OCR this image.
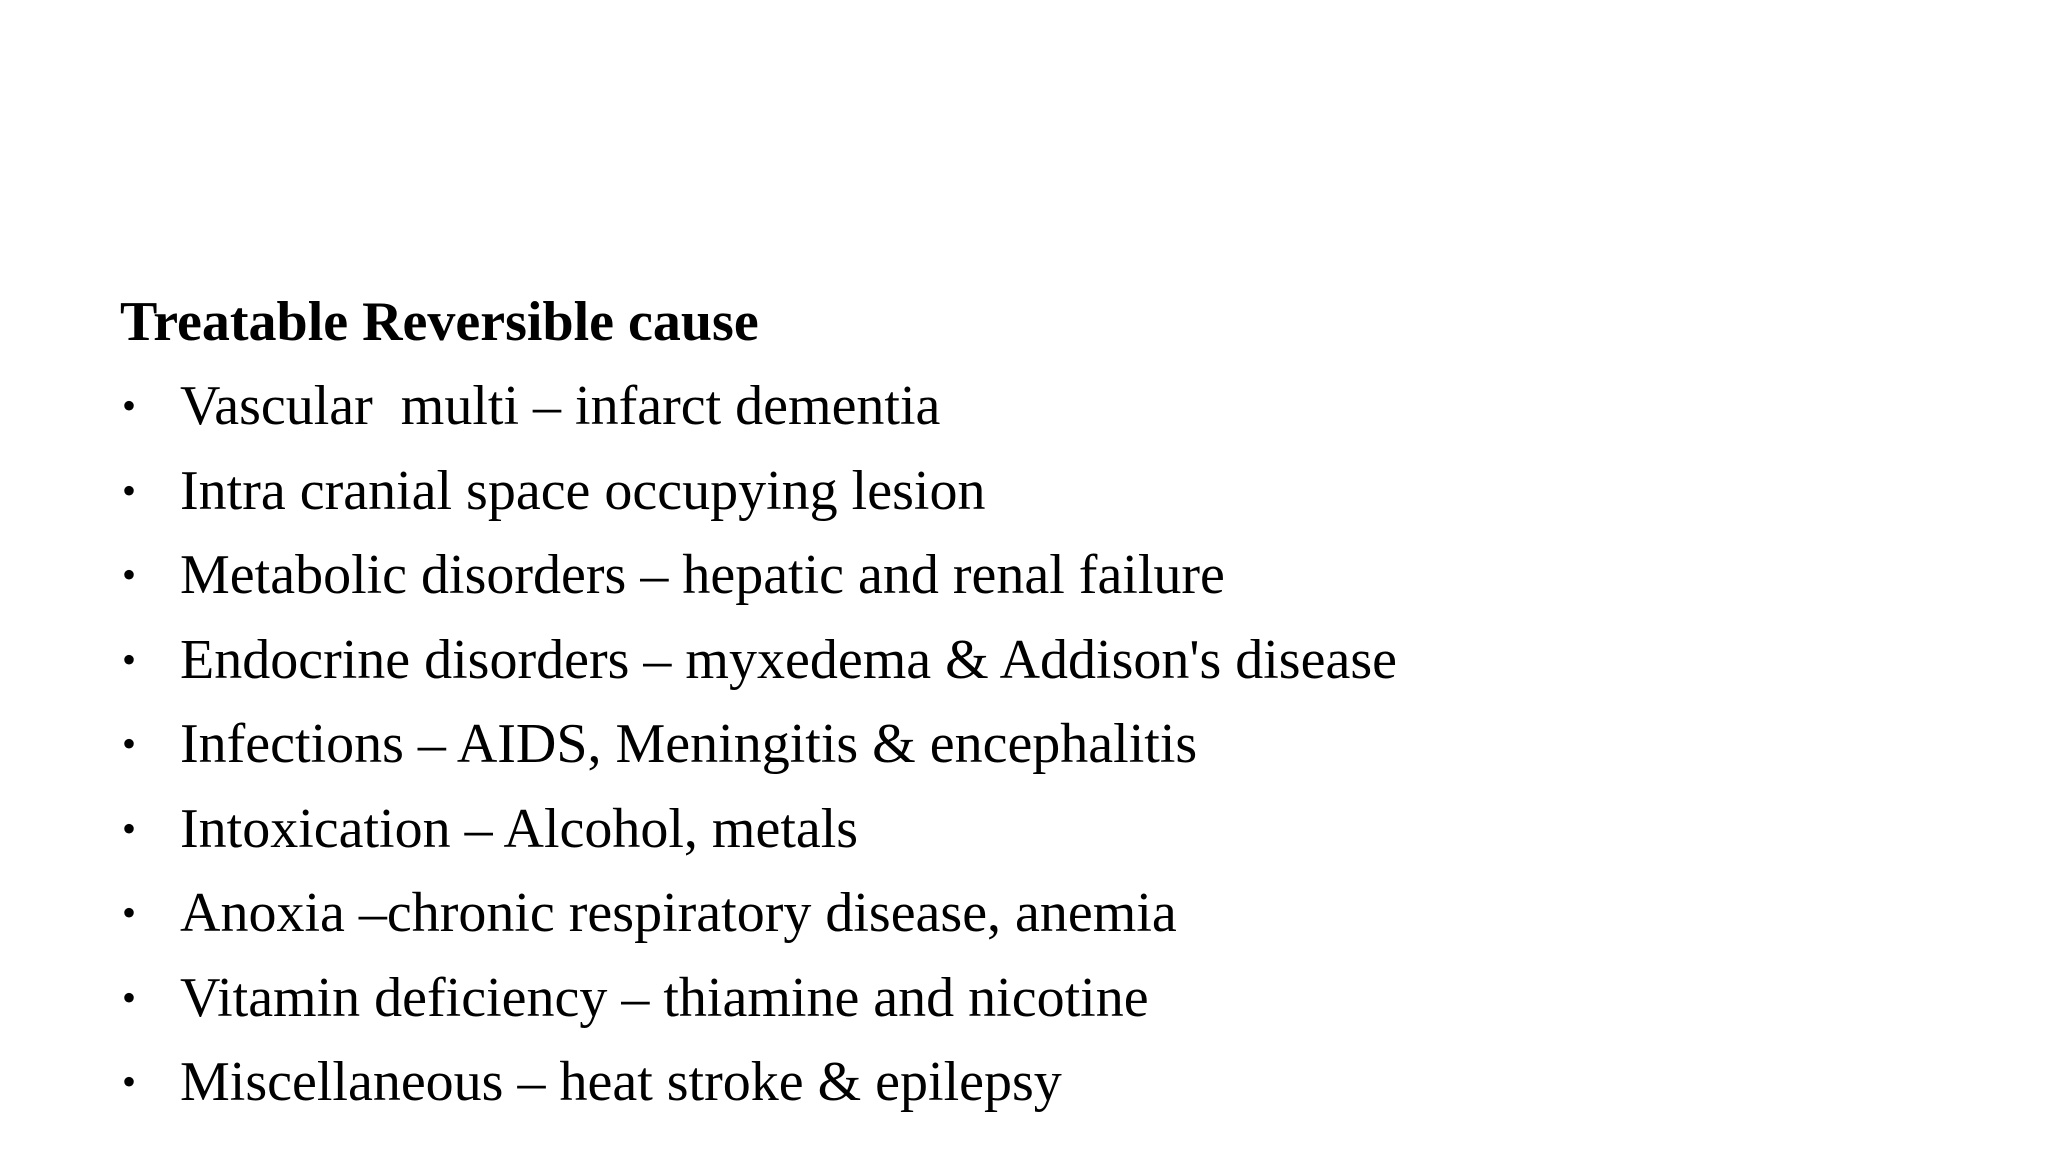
Treatable Reversible cause
• Vascular  multi – infarct dementia
• Intra cranial space occupying lesion
• Metabolic disorders – hepatic and renal failure
• Endocrine disorders – myxedema & Addison's disease
• Infections – AIDS, Meningitis & encephalitis
• Intoxication – Alcohol, metals
• Anoxia –chronic respiratory disease, anemia
• Vitamin deficiency – thiamine and nicotine
• Miscellaneous – heat stroke & epilepsy
